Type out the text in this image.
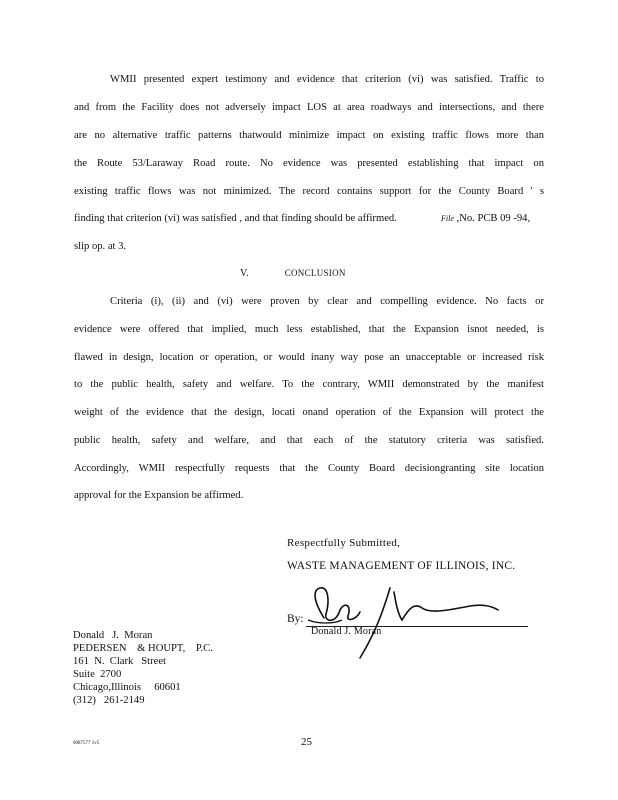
WMII presented expert testimony and evidence that criterion (vi) was satisfied. Traffic to
and from the Facility does not adversely impact LOS at area roadways and intersections, and there
are no alternative traffic patterns thatwould minimize impact on existing traffic flows more than
the Route 53/Laraway Road route. No evidence was presented establishing that impact on
existing traffic flows was not minimized. The record contains support for the County Board ' s
finding that criterion (vi) was satisfied , and that finding should be affirmed.	File ,No. PCB 09 -94,
slip op. at 3.
V.	CONCLUSION
Criteria (i), (ii) and (vi) were proven by clear and compelling evidence. No facts or
evidence were offered that implied, much less established, that the Expansion isnot needed, is
flawed in design, location or operation, or would inany way pose an unacceptable or increased risk
to the public health, safety and welfare. To the contrary, WMII demonstrated by the manifest
weight of the evidence that the design, locati onand operation of the Expansion will protect the
public health, safety and welfare, and that each of the statutory criteria was satisfied.
Accordingly, WMII respectfully requests that the County Board decisiongranting site location
approval for the Expansion be affirmed.
Respectfully Submitted,
WASTE MANAGEMENT OF ILLINOIS, INC.
By:
Donald J. Moran
Donald   J.  Moran
PEDERSEN    & HOUPT,    P.C.
161  N.  Clark   Street
Suite  2700
Chicago,Illinois     60601
(312)   261-2149
0087577 1v5	25
